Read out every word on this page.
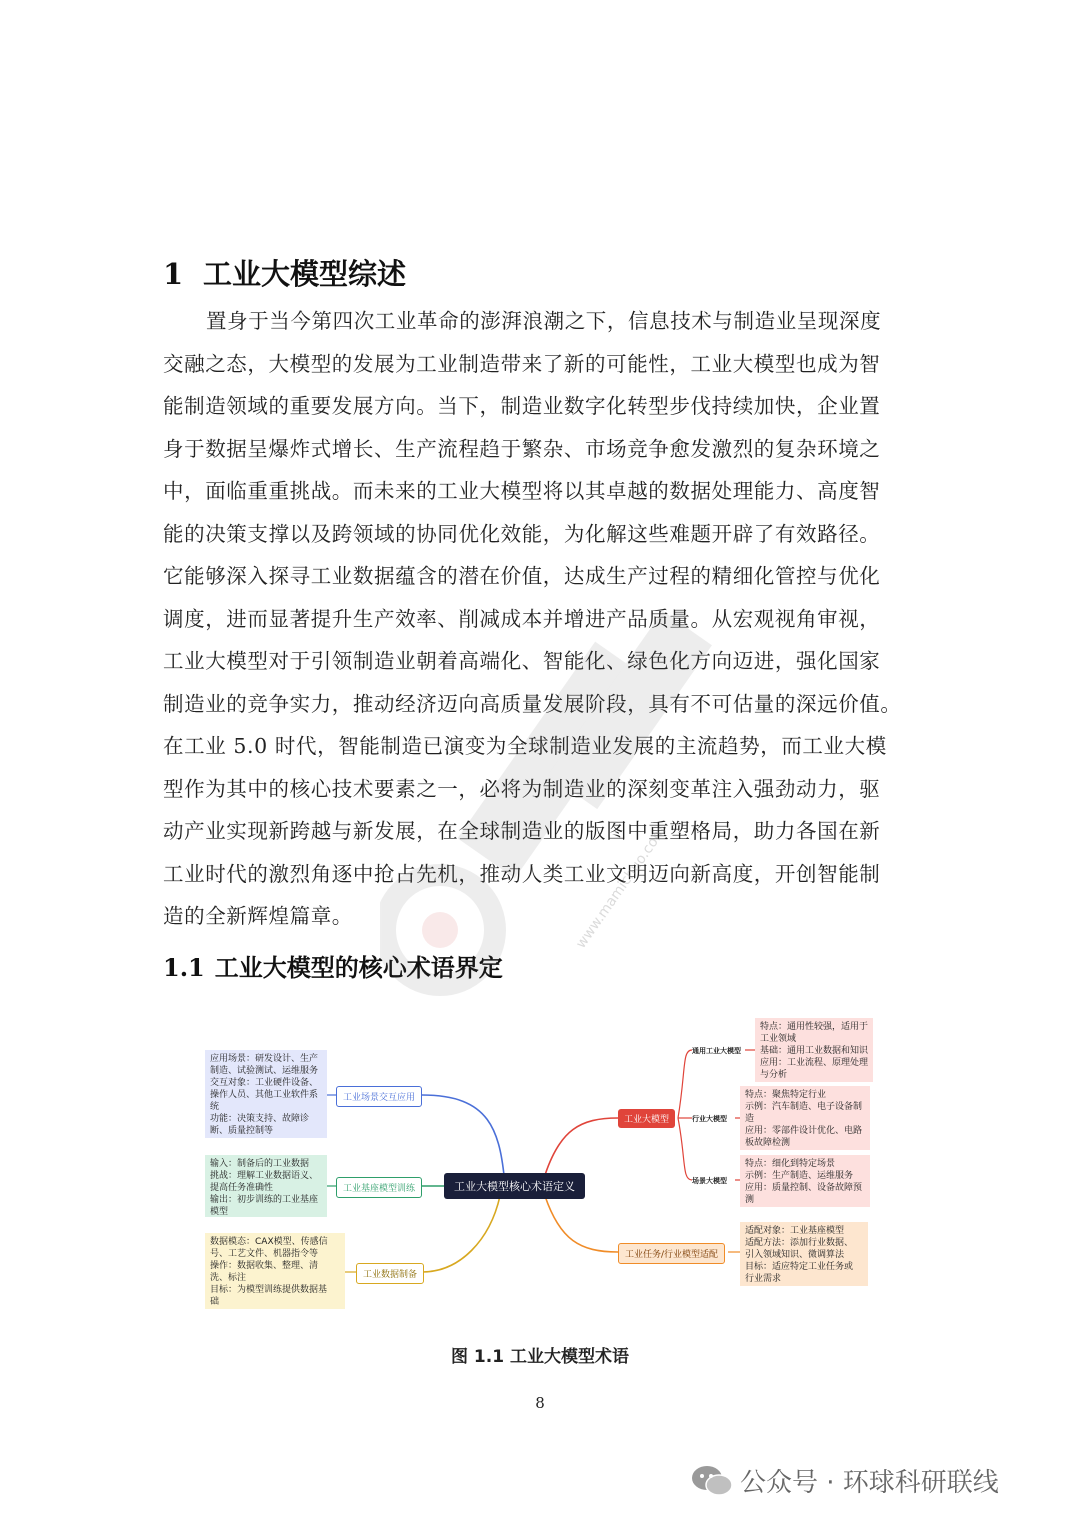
1 工业大模型综述
置身于当今第四次工业革命的澎湃浪潮之下，信息技术与制造业呈现深度
交融之态，大模型的发展为工业制造带来了新的可能性，工业大模型也成为智
能制造领域的重要发展方向。当下，制造业数字化转型步伐持续加快，企业置
身于数据呈爆炸式增长、生产流程趋于繁杂、市场竞争愈发激烈的复杂环境之
中，面临重重挑战。而未来的工业大模型将以其卓越的数据处理能力、高度智
能的决策支撑以及跨领域的协同优化效能，为化解这些难题开辟了有效路径。
它能够深入探寻工业数据蕴含的潜在价值，达成生产过程的精细化管控与优化
调度，进而显著提升生产效率、削减成本并增进产品质量。从宏观视角审视，
工业大模型对于引领制造业朝着高端化、智能化、绿色化方向迈进，强化国家
制造业的竞争实力，推动经济迈向高质量发展阶段，具有不可估量的深远价值。
在工业 5.0 时代，智能制造已演变为全球制造业发展的主流趋势，而工业大模
型作为其中的核心技术要素之一，必将为制造业的深刻变革注入强劲动力，驱
动产业实现新跨越与新发展，在全球制造业的版图中重塑格局，助力各国在新
工业时代的激烈角逐中抢占先机，推动人类工业文明迈向新高度，开创智能制
造的全新辉煌篇章。
1.1 工业大模型的核心术语界定
www.mamichuo.com
工业大模型核心术语定义
应用场景：研发设计、生产
制造、试验测试、运维服务
交互对象：工业硬件设备、
操作人员、其他工业软件系
统
功能：决策支持、故障诊
断、质量控制等
工业场景交互应用
输入：制备后的工业数据
挑战：理解工业数据语义、
提高任务准确性
输出：初步训练的工业基座
模型
工业基座模型训练
数据模态：CAX模型、传感信
号、工艺文件、机器指令等
操作：数据收集、整理、清
洗、标注
目标：为模型训练提供数据基
础
工业数据制备
工业大模型
通用工业大模型
特点：通用性较强，适用于
工业领域
基础：通用工业数据和知识
应用：工业流程、原理处理
与分析
行业大模型
特点：聚焦特定行业
示例：汽车制造、电子设备制
造
应用：零部件设计优化、电路
板故障检测
场景大模型
特点：细化到特定场景
示例：生产制造、运维服务
应用：质量控制、设备故障预
测
工业任务/行业模型适配
适配对象：工业基座模型
适配方法：添加行业数据、
引入领域知识、微调算法
目标：适应特定工业任务或
行业需求
图 1.1 工业大模型术语
8
公众号 · 环球科研联线
